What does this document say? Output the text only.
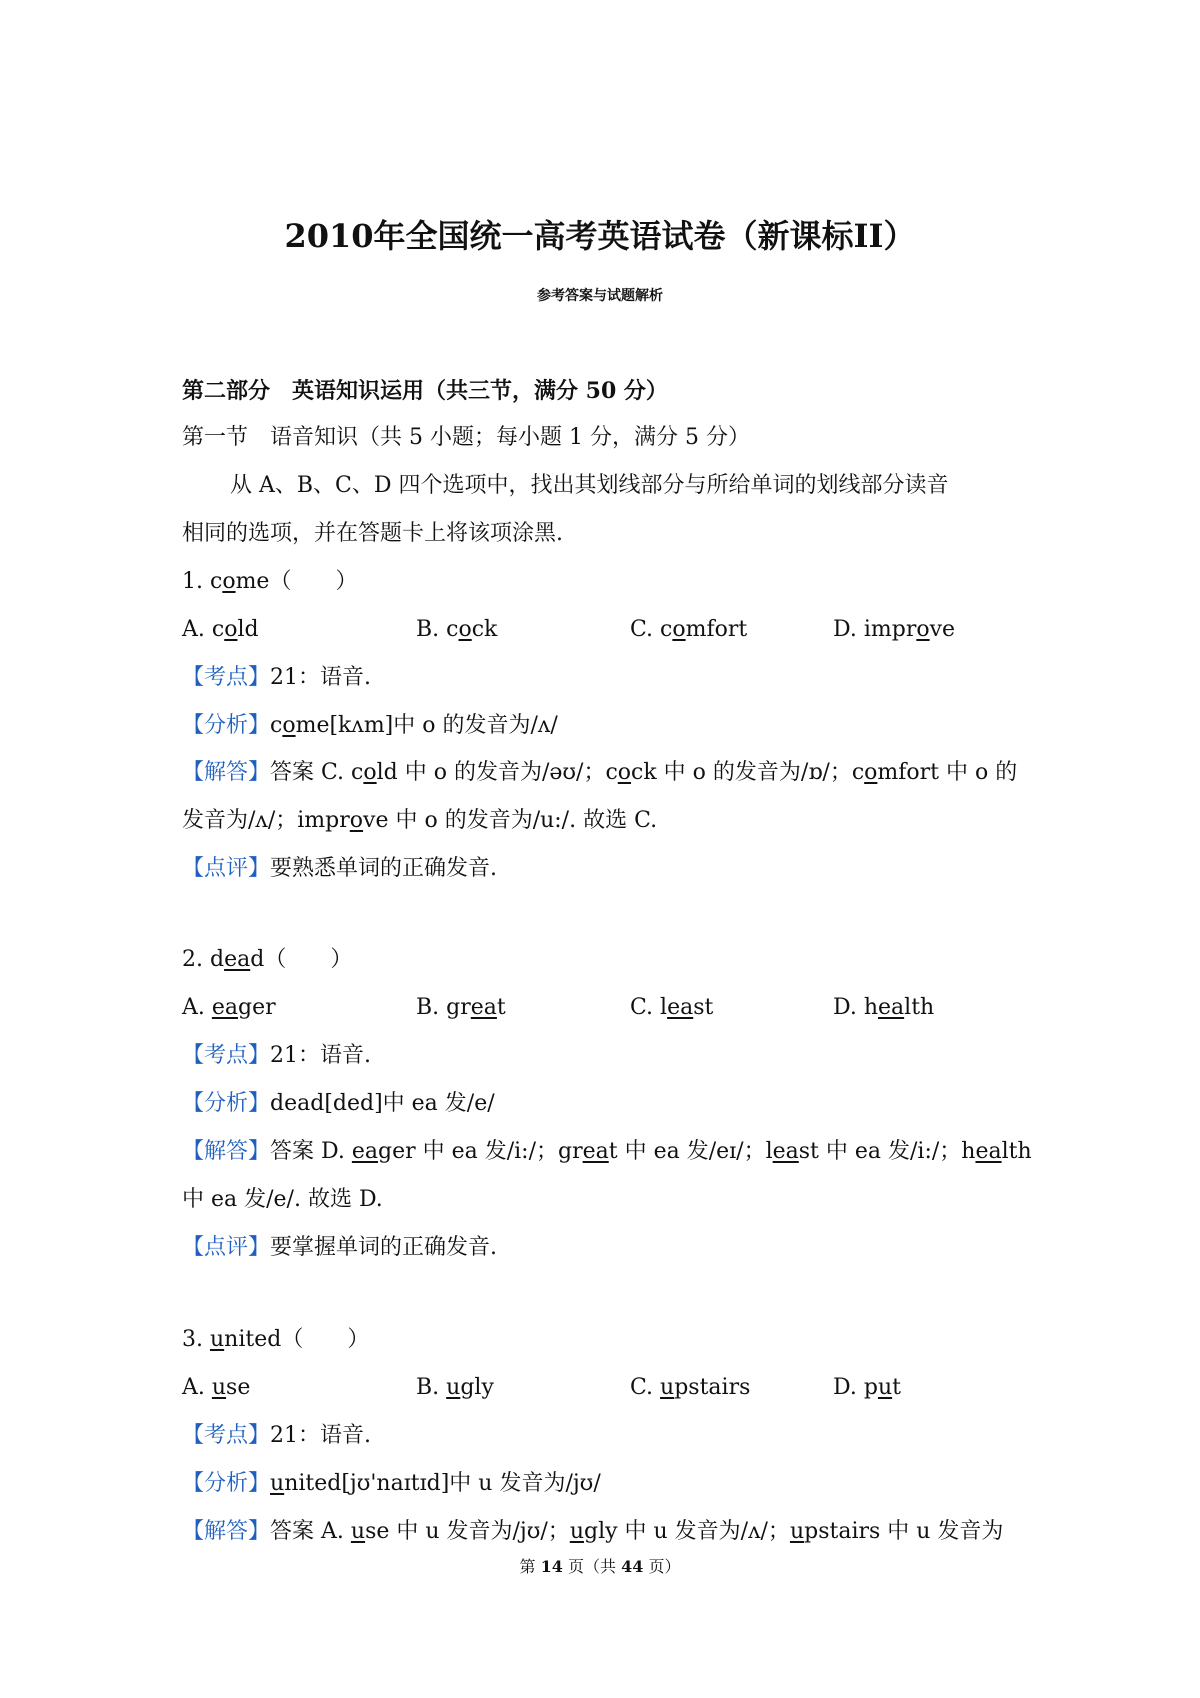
2010年全国统一高考英语试卷（新课标II）
参考答案与试题解析
第二部分　英语知识运用（共三节，满分 50 分）
第一节　语音知识（共 5 小题；每小题 1 分，满分 5 分）
从 A、B、C、D 四个选项中，找出其划线部分与所给单词的划线部分读音
相同的选项，并在答题卡上将该项涂黑.
1. come（　　）
A. cold	B. cock	C. comfort	D. improve
【考点】21：语音.
【分析】come[kʌm]中 o 的发音为/ʌ/
【解答】答案 C. cold 中 o 的发音为/əʊ/；cock 中 o 的发音为/ɒ/；comfort 中 o 的
发音为/ʌ/；improve 中 o 的发音为/u:/. 故选 C.
【点评】要熟悉单词的正确发音.
2. dead（　　）
A. eager	B. great	C. least	D. health
【考点】21：语音.
【分析】dead[ded]中 ea 发/e/
【解答】答案 D. eager 中 ea 发/i:/；great 中 ea 发/eɪ/；least 中 ea 发/i:/；health
中 ea 发/e/. 故选 D.
【点评】要掌握单词的正确发音.
3. united（　　）
A. use	B. ugly	C. upstairs	D. put
【考点】21：语音.
【分析】united[jʊ'naɪtɪd]中 u 发音为/jʊ/
【解答】答案 A. use 中 u 发音为/jʊ/；ugly 中 u 发音为/ʌ/；upstairs 中 u 发音为
第 14 页（共 44 页）
